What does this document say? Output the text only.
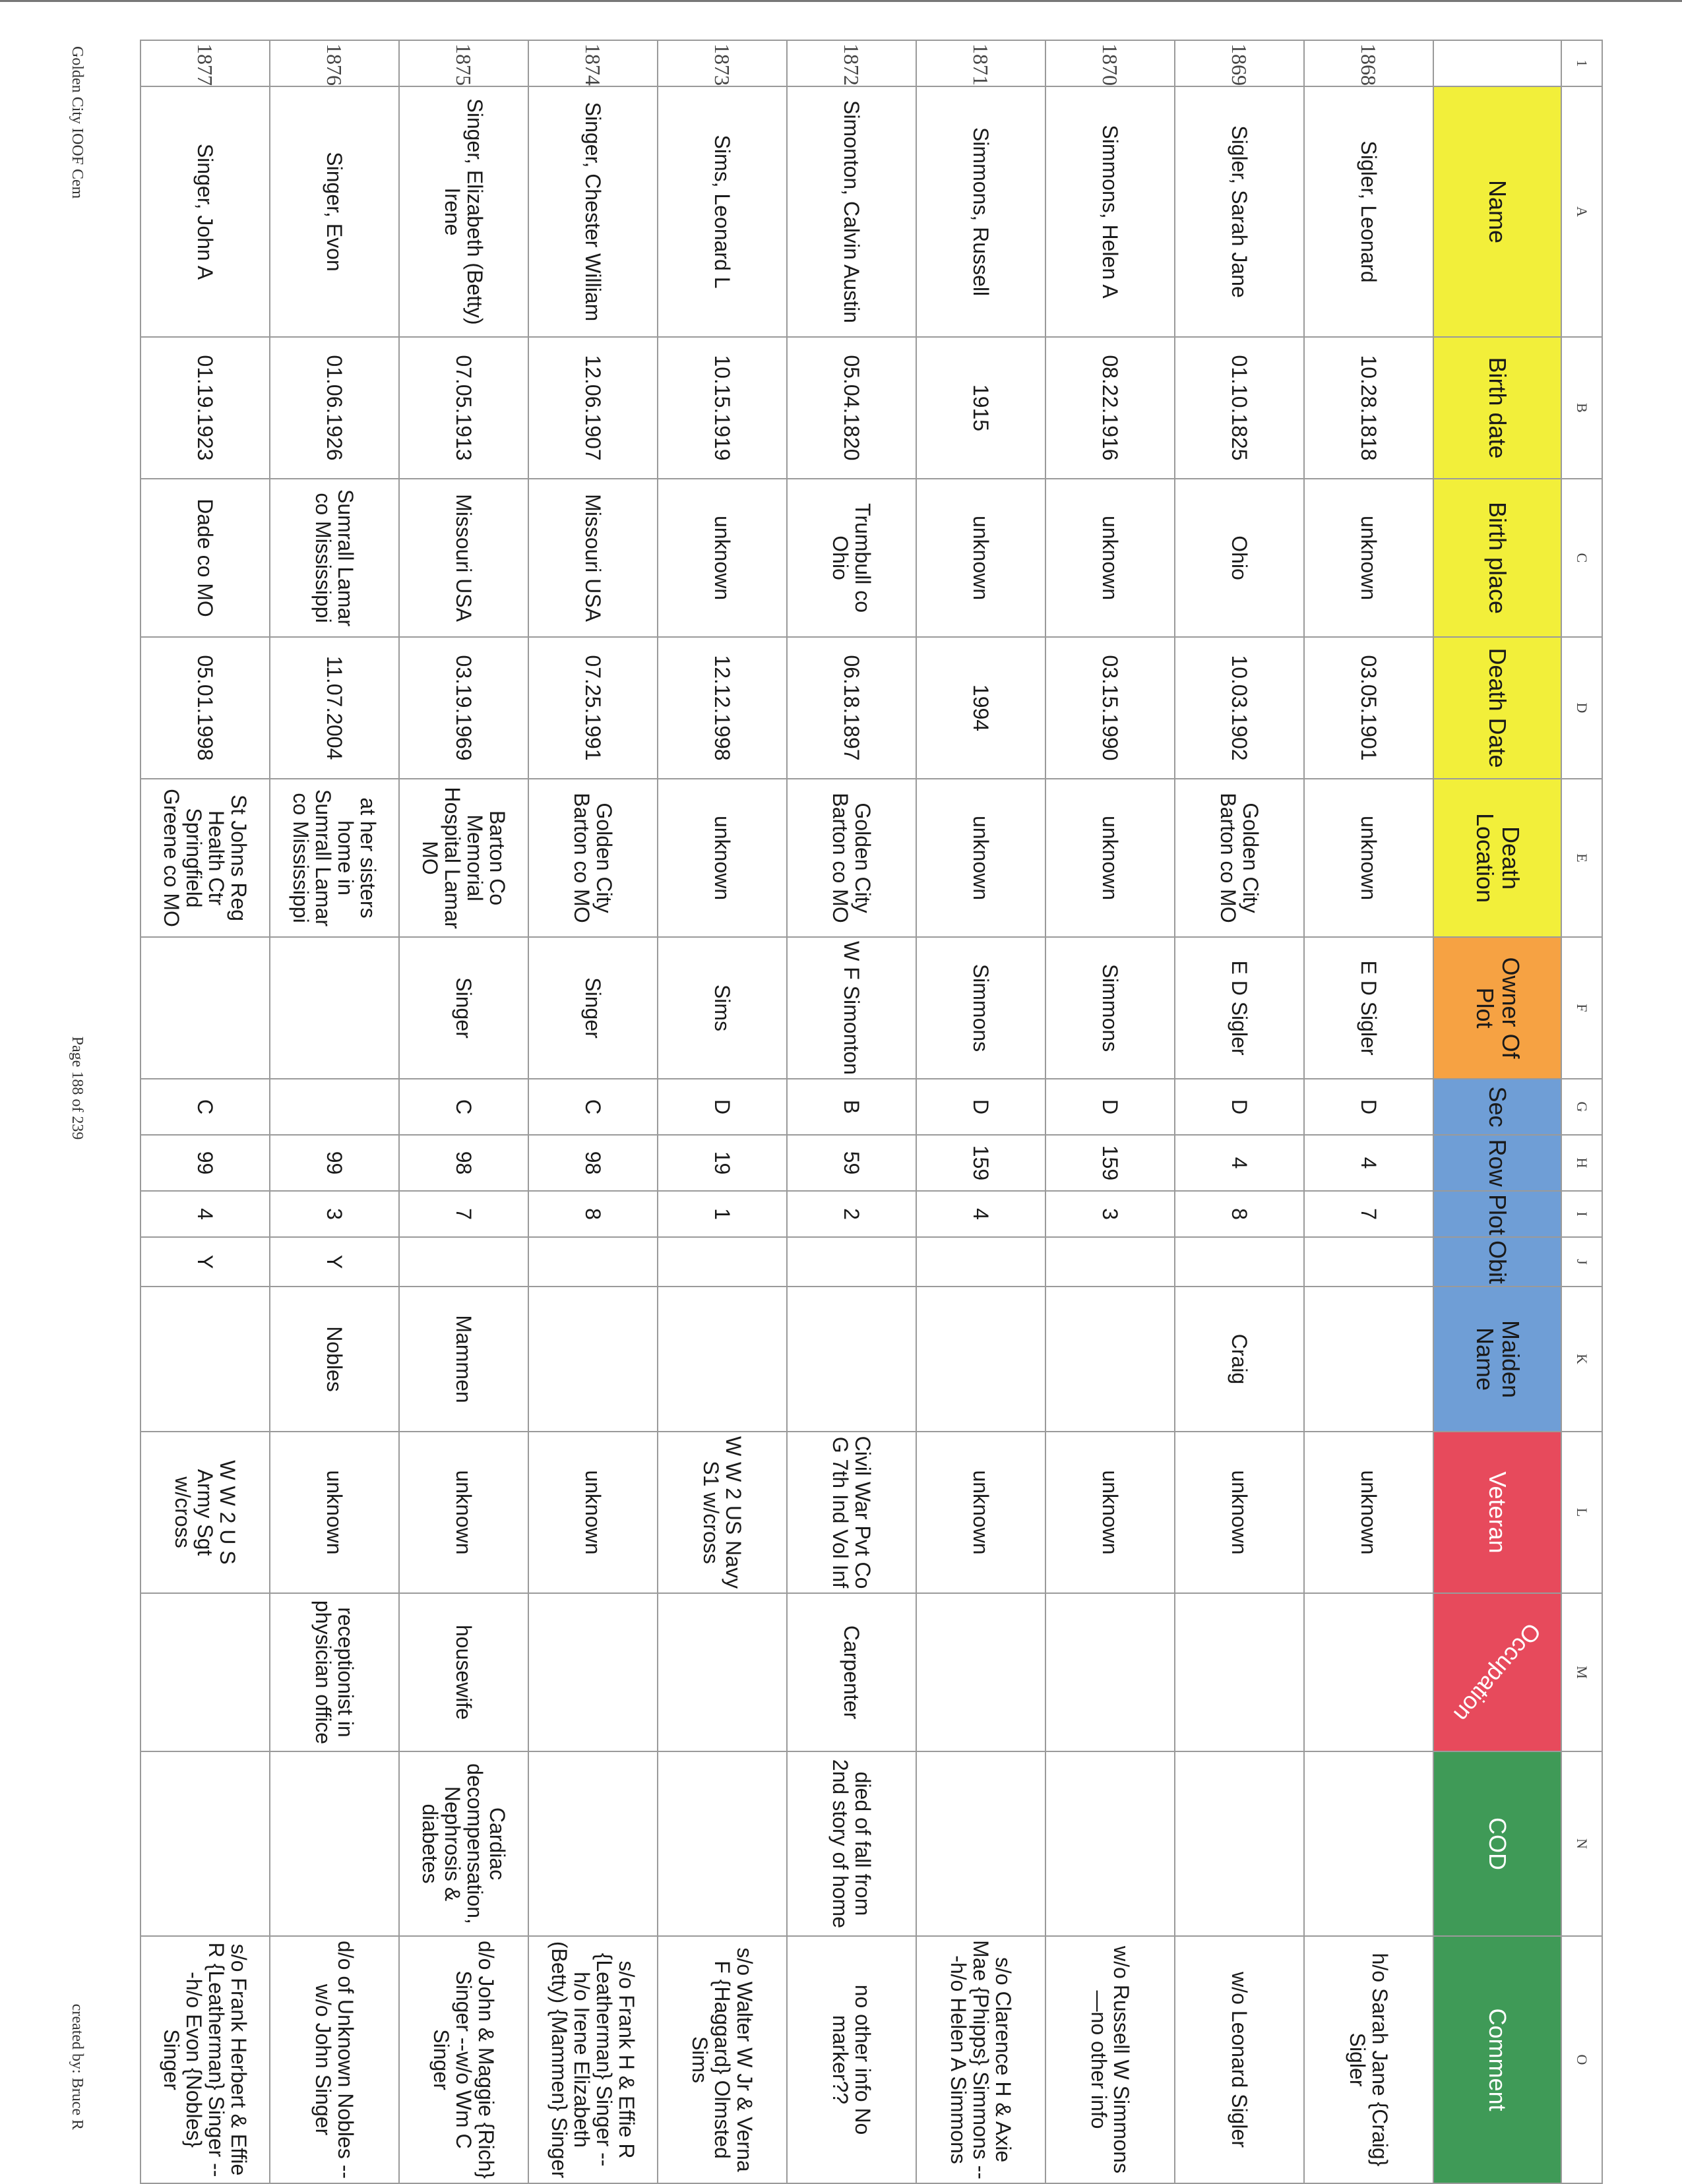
1	A	B	C	D	E	F	G	H	I	J	K	L	M	N	O
	Name	Birth date	Birth place	Death Date	Death Location	Owner Of Plot	Sec	Row	Plot	Obit	Maiden Name	Veteran	Occupation	COD	Comment
1868	Sigler, Leonard	10.28.1818	unknown	03.05.1901	unknown	E D Sigler	D	4	7			unknown			h/o Sarah Jane {Craig} Sigler
1869	Sigler, Sarah Jane	01.10.1825	Ohio	10.03.1902	Golden City Barton co MO	E D Sigler	D	4	8		Craig	unknown			w/o Leonard Sigler
1870	Simmons, Helen A	08.22.1916	unknown	03.15.1990	unknown	Simmons	D	159	3			unknown			w/o Russell W Simmons —no other info
1871	Simmons, Russell	1915	unknown	1994	unknown	Simmons	D	159	4			unknown			s/o Clarence H & Axie Mae {Phipps} Simmons ---h/o Helen A Simmons
1872	Simonton, Calvin Austin	05.04.1820	Trumbull co Ohio	06.18.1897	Golden City Barton co MO	W F Simonton	B	59	2			Civil War Pvt Co G 7th Ind Vol Inf	Carpenter	died of fall from 2nd story of home	no other info No marker??
1873	Sims, Leonard L	10.15.1919	unknown	12.12.1998	unknown	Sims	D	19	1			W W 2 US Navy S1 w/cross			s/o Walter W Jr & Verna F {Haggard} Olmsted Sims
1874	Singer, Chester William	12.06.1907	Missouri USA	07.25.1991	Golden City Barton co MO	Singer	C	98	8			unknown			s/o Frank H & Effie R {Leatherman} Singer --h/o Irene Elizabeth (Betty) {Mammen} Singer
1875	Singer, Elizabeth (Betty) Irene	07.05.1913	Missouri USA	03.19.1969	Barton Co Memorial Hospital Lamar MO	Singer	C	98	7		Mammen	unknown	housewife	Cardiac decompensation, Nephrosis & diabetes	d/o John & Maggie {Rich} Singer --w/o Wm C Singer
1876	Singer, Evon	01.06.1926	Sumrall Lamar co Mississippi	11.07.2004	at her sisters home in Sumrall Lamar co Mississippi			99	3	Y	Nobles	unknown	receptionist in physician office		d/o of Unknown Nobles --w/o John Singer
1877	Singer, John A	01.19.1923	Dade co MO	05.01.1998	St Johns Reg Health Ctr Springfield Greene co MO		C	99	4	Y		W W 2 U S Army Sgt w/cross			s/o Frank Herbert & Effie R {Leatherman} Singer ---h/o Evon {Nobles} Singer
Golden City IOOF Cem
Page 188 of 239
created by: Bruce R
